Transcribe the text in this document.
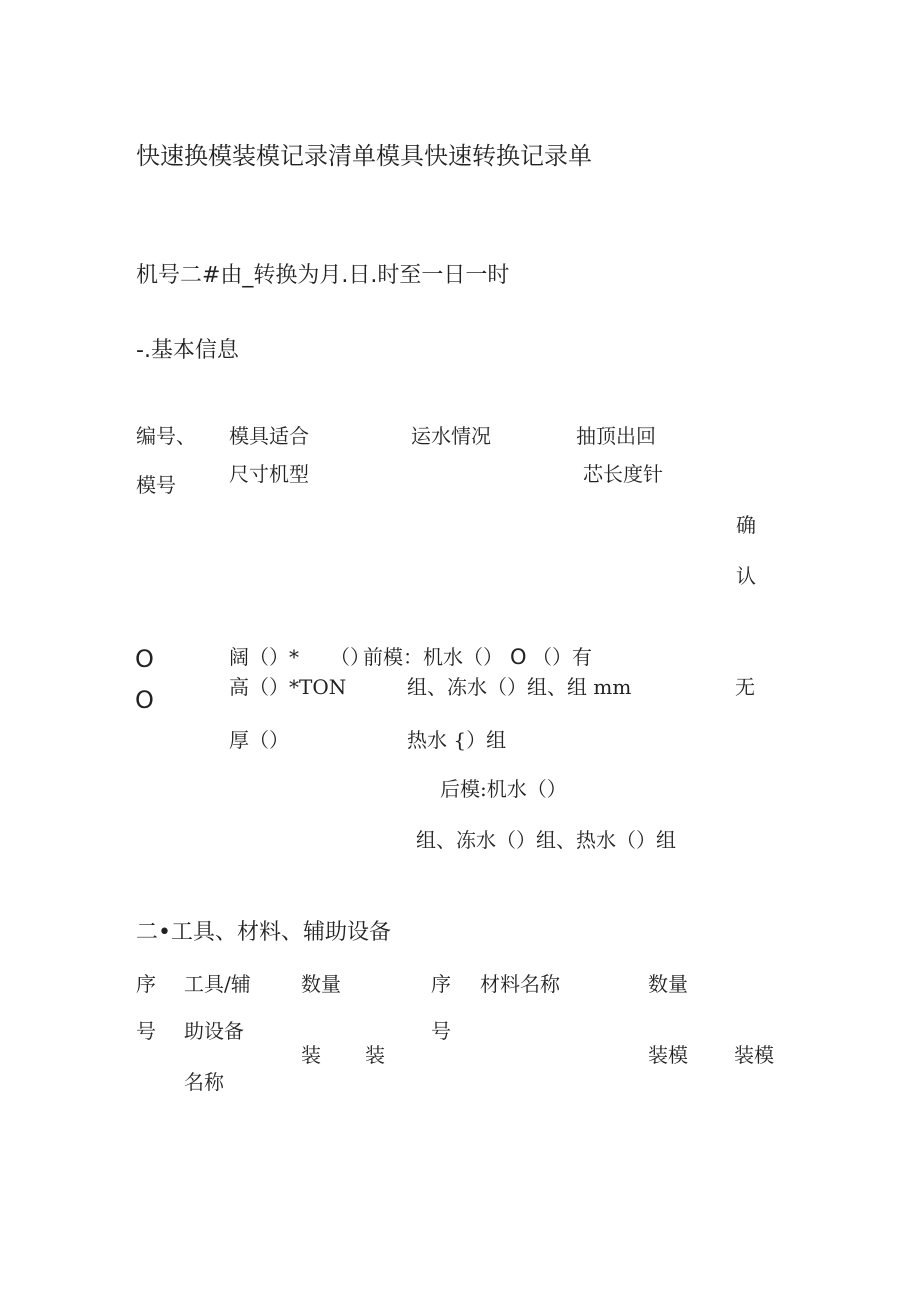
快速换模装模记录清单模具快速转换记录单
机号二#由_转换为月.日.时至一日一时
-.基本信息
编号、
模号
模具适合
尺寸机型
运水情况	抽顶出回
芯长度针
确
认
O
O
阔（）* （）
高（）*TON
厚（）
前模：机水（） O （）有
组、冻水（）组、组 mm
热水 {）组
后模:机水（）
组、冻水（）组、热水（）组
无
二•工具、材料、辅助设备
序
号
工具/辅
助设备
名称
数量
装 装
序
号
材料名称	数量
装模 装模
